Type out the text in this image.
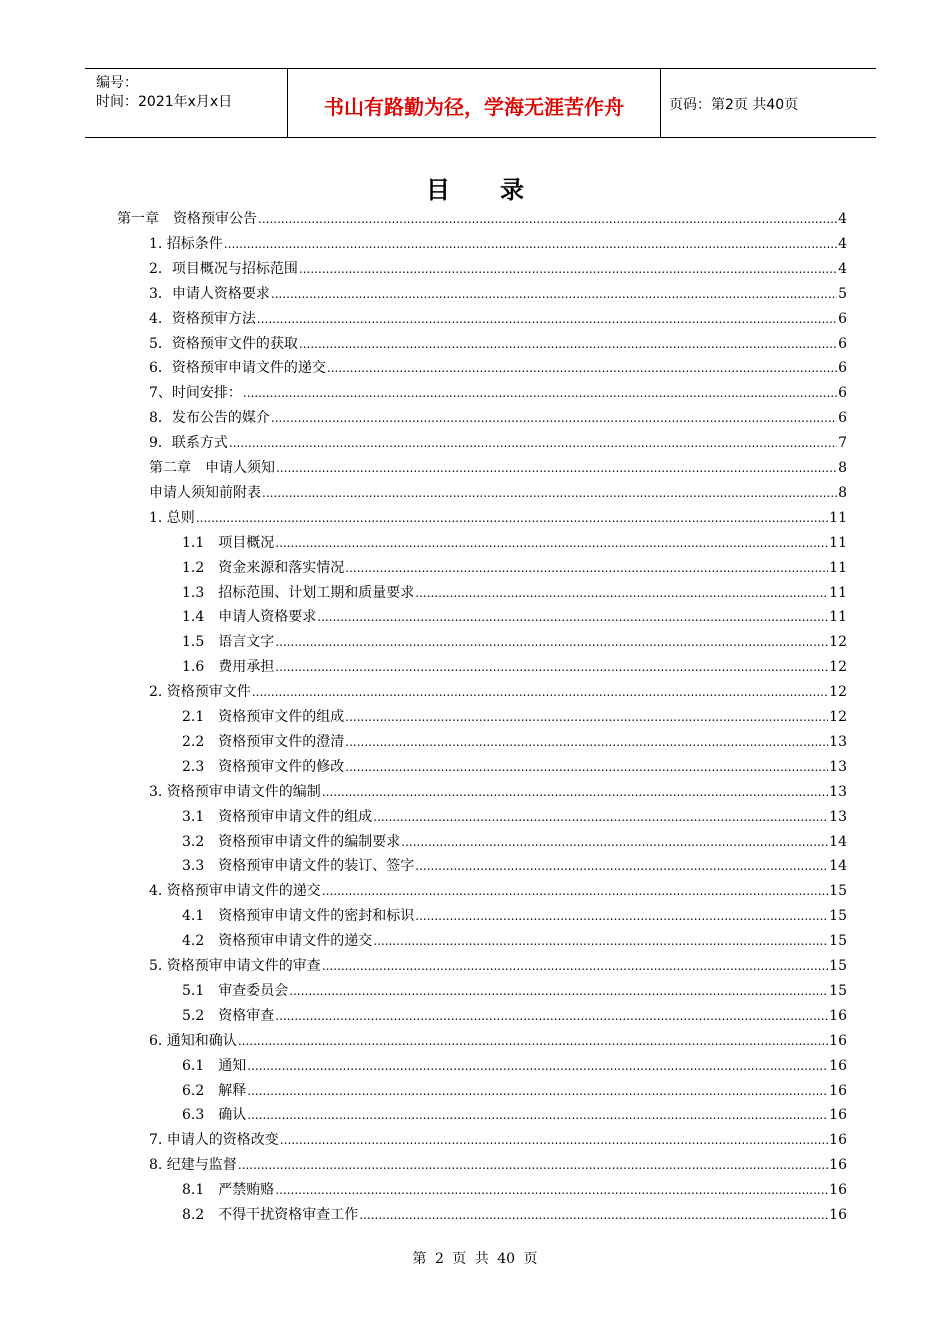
编号：
时间：2021年x月x日	书山有路勤为径，学海无涯苦作舟	页码：第2页 共40页
目录
第一章　资格预审公告 .....	4
1. 招标条件 .....	4
2．项目概况与招标范围 .....	4
3．申请人资格要求 .....	5
4．资格预审方法 .....	6
5．资格预审文件的获取 .....	6
6．资格预审申请文件的递交 .....	6
7、时间安排： .....	6
8．发布公告的媒介 .....	6
9．联系方式 .....	7
第二章　申请人须知 .....	8
申请人须知前附表 .....	8
1. 总则 .....	11
1.1　项目概况 .....	11
1.2　资金来源和落实情况 .....	11
1.3　招标范围、计划工期和质量要求 .....	11
1.4　申请人资格要求 .....	11
1.5　语言文字 .....	12
1.6　费用承担 .....	12
2. 资格预审文件 .....	12
2.1　资格预审文件的组成 .....	12
2.2　资格预审文件的澄清 .....	13
2.3　资格预审文件的修改 .....	13
3. 资格预审申请文件的编制 .....	13
3.1　资格预审申请文件的组成 .....	13
3.2　资格预审申请文件的编制要求 .....	14
3.3　资格预审申请文件的装订、签字 .....	14
4. 资格预审申请文件的递交 .....	15
4.1　资格预审申请文件的密封和标识 .....	15
4.2　资格预审申请文件的递交 .....	15
5. 资格预审申请文件的审查 .....	15
5.1　审查委员会 .....	15
5.2　资格审查 .....	16
6. 通知和确认 .....	16
6.1　通知 .....	16
6.2　解释 .....	16
6.3　确认 .....	16
7. 申请人的资格改变 .....	16
8. 纪建与监督 .....	16
8.1　严禁贿赂 .....	16
8.2　不得干扰资格审查工作 .....	16
第 2 页 共 40 页
